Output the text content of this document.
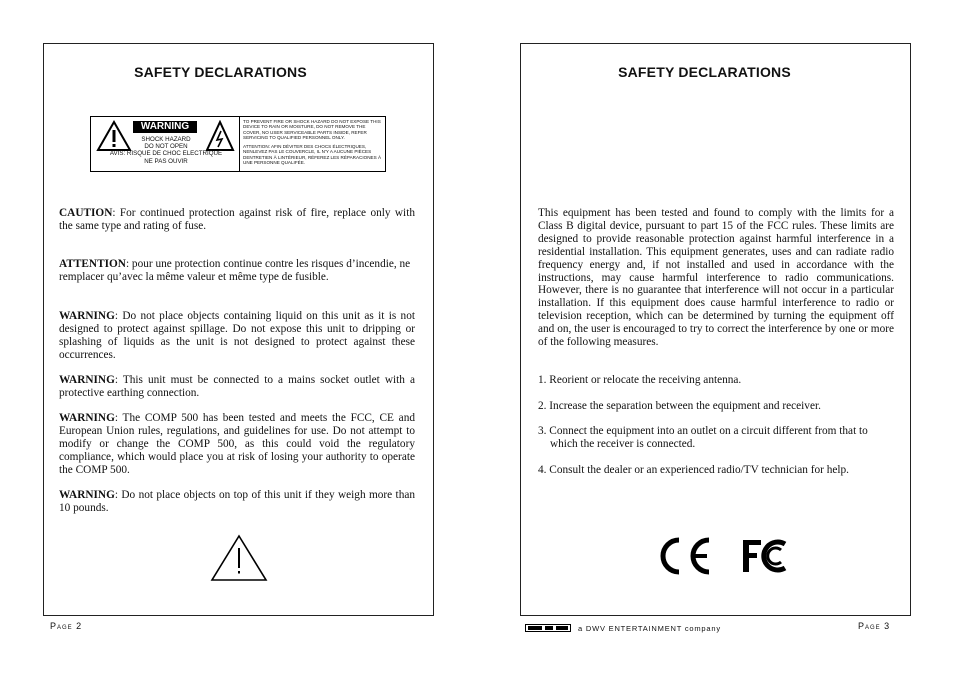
SAFETY DECLARATIONS
WARNING
SHOCK HAZARD
DO NOT OPEN
AVIS: RISQUE DE CHOC ELECTRIQUE
NE PAS OUVIR

TO PREVENT FIRE OR SHOCK HAZARD DO NOT EXPOSE THIS DEVICE TO RAIN OR MOISTURE, DO NOT REMOVE THE COVER, NO USER SERVICEABLE PARTS INSIDE, REFER SERVICING TO QUALIFIED PERSONNEL ONLY.

ATTENTION: AFIN DÉVITER DES CHOCS ÉLECTRIQUES, NENLEVEZ PAS LE COUVERCLE, IL N'Y A AUCUNE PIÈCES DENTRETIEN À LINTÉRIEUR, RÉFEREZ LES RÉPARACIONES À UNE PERSONNE QUALIFÉE.

CAUTION: For continued protection against risk of fire, replace only with the same type and rating of fuse.
ATTENTION: pour une protection continue contre les risques d’incendie, ne remplacer qu’avec la même valeur et même type de fusible.
WARNING: Do not place objects containing liquid on this unit as it is not designed to protect against spillage. Do not expose this unit to dripping or splashing of liquids as the unit is not designed to protect against these occurrences.
WARNING: This unit must be connected to a mains socket outlet with a protective earthing connection.
WARNING: The COMP 500 has been tested and meets the FCC, CE and European Union rules, regulations, and guidelines for use. Do not attempt to modify or change the COMP 500, as this could void the regulatory compliance, which would place you at risk of losing your authority to operate the COMP 500.
WARNING: Do not place objects on top of this unit if they weigh more than 10 pounds.
Page 2
SAFETY DECLARATIONS
This equipment has been tested and found to comply with the limits for a Class B digital device, pursuant to part 15 of the FCC rules. These limits are designed to provide reasonable protection against harmful interference in a residential installation. This equipment generates, uses and can radiate radio frequency energy and, if not installed and used in accordance with the instructions, may cause harmful interference to radio communications. However, there is no guarantee that interference will not occur in a particular installation. If this equipment does cause harmful interference to radio or television reception, which can be determined by turning the equipment off and on, the user is encouraged to try to correct the interference by one or more of the following measures.
1. Reorient or relocate the receiving antenna.
2. Increase the separation between the equipment and receiver.
3. Connect the equipment into an outlet on a circuit different from that to which the receiver is connected.
4. Consult the dealer or an experienced radio/TV technician for help.
a DWV ENTERTAINMENT company	Page 3
